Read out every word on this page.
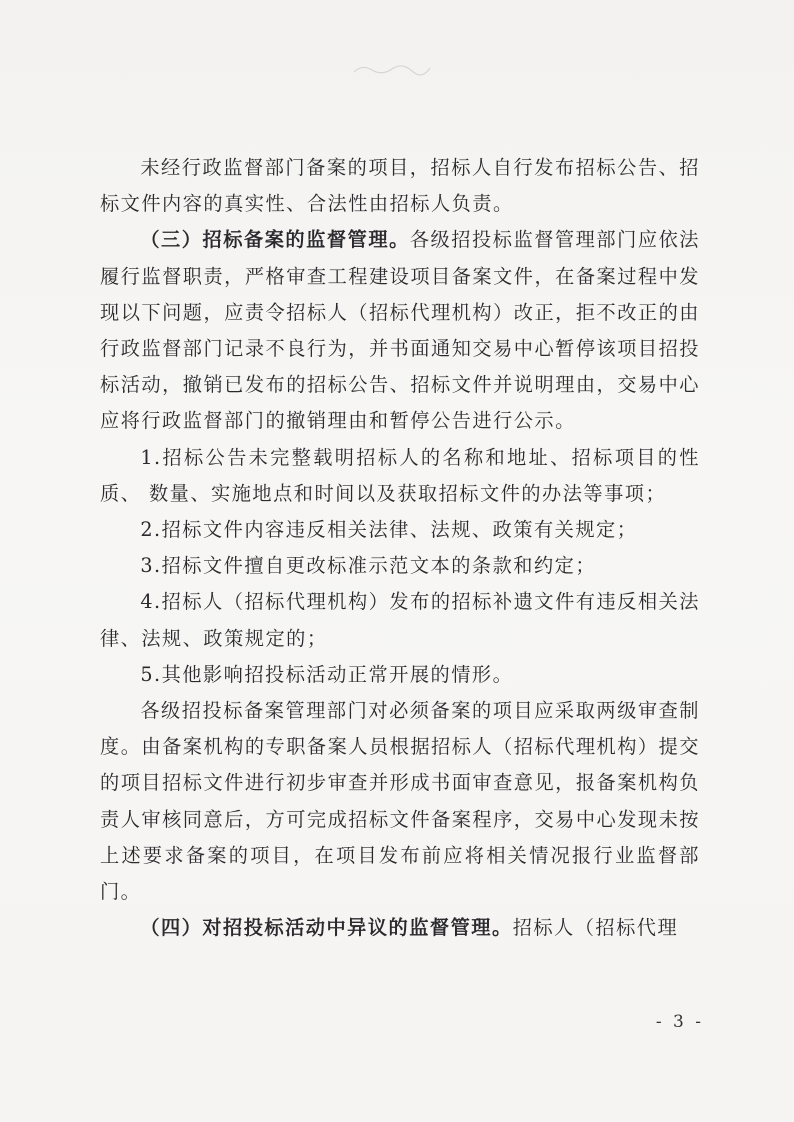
未经行政监督部门备案的项目，招标人自行发布招标公告、招标文件内容的真实性、合法性由招标人负责。

（三）招标备案的监督管理。各级招投标监督管理部门应依法履行监督职责，严格审查工程建设项目备案文件，在备案过程中发现以下问题，应责令招标人（招标代理机构）改正，拒不改正的由行政监督部门记录不良行为，并书面通知交易中心暂停该项目招投标活动，撤销已发布的招标公告、招标文件并说明理由，交易中心应将行政监督部门的撤销理由和暂停公告进行公示。

1.招标公告未完整载明招标人的名称和地址、招标项目的性质、 数量、实施地点和时间以及获取招标文件的办法等事项；

2.招标文件内容违反相关法律、法规、政策有关规定；

3.招标文件擅自更改标准示范文本的条款和约定；

4.招标人（招标代理机构）发布的招标补遗文件有违反相关法律、法规、政策规定的；

5.其他影响招投标活动正常开展的情形。

各级招投标备案管理部门对必须备案的项目应采取两级审查制度。由备案机构的专职备案人员根据招标人（招标代理机构）提交的项目招标文件进行初步审查并形成书面审查意见，报备案机构负责人审核同意后，方可完成招标文件备案程序，交易中心发现未按上述要求备案的项目，在项目发布前应将相关情况报行业监督部门。

（四）对招投标活动中异议的监督管理。招标人（招标代理

- 3 -
